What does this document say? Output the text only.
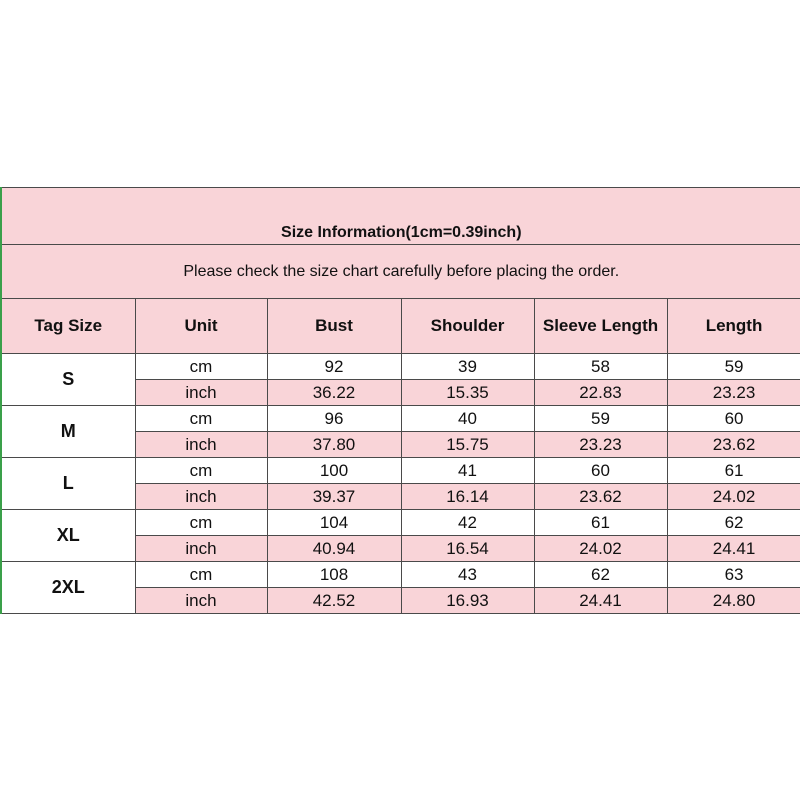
Size Information(1cm=0.39inch)					
Please check the size chart carefully before placing the order.					
Tag Size	Unit	Bust	Shoulder	Sleeve Length	Length
S	cm	92	39	58	59
	inch	36.22	15.35	22.83	23.23
M	cm	96	40	59	60
	inch	37.80	15.75	23.23	23.62
L	cm	100	41	60	61
	inch	39.37	16.14	23.62	24.02
XL	cm	104	42	61	62
	inch	40.94	16.54	24.02	24.41
2XL	cm	108	43	62	63
	inch	42.52	16.93	24.41	24.80
